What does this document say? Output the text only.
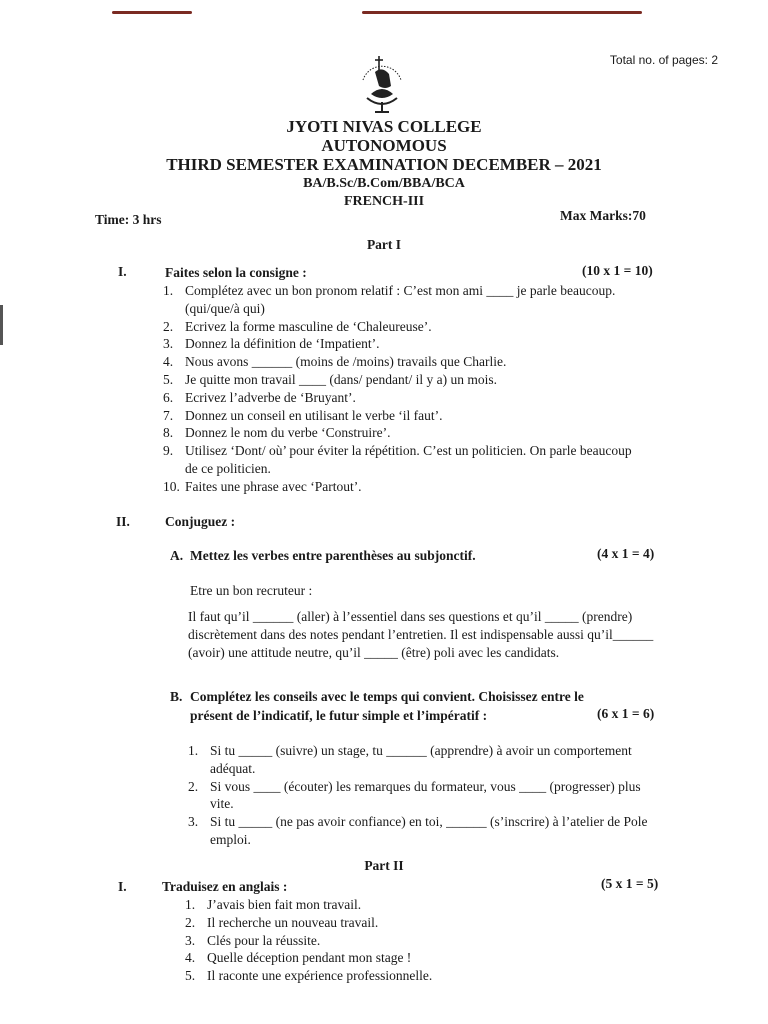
Total no. of pages: 2
JYOTI NIVAS COLLEGE
AUTONOMOUS
THIRD SEMESTER EXAMINATION DECEMBER – 2021
BA/B.Sc/B.Com/BBA/BCA
FRENCH-III
Time: 3 hrs	Max Marks:70
Part I
I.	Faites selon la consigne :	(10 x 1 = 10)
1. Complétez avec un bon pronom relatif : C’est mon ami ____ je parle beaucoup. (qui/que/à qui)
2. Ecrivez la forme masculine de ‘Chaleureuse’.
3. Donnez la définition de ‘Impatient’.
4. Nous avons ______ (moins de /moins) travails que Charlie.
5. Je quitte mon travail ____ (dans/ pendant/ il y a) un mois.
6. Ecrivez l’adverbe de ‘Bruyant’.
7. Donnez un conseil en utilisant le verbe ‘il faut’.
8. Donnez le nom du verbe ‘Construire’.
9. Utilisez ‘Dont/ où’ pour éviter la répétition. C’est un politicien. On parle beaucoup de ce politicien.
10. Faites une phrase avec ‘Partout’.
II.	Conjuguez :
A. Mettez les verbes entre parenthèses au subjonctif.	(4 x 1 = 4)
Etre un bon recruteur :
Il faut qu’il ______ (aller) à l’essentiel dans ses questions et qu’il _____ (prendre) discrètement dans des notes pendant l’entretien. Il est indispensable aussi qu’il______ (avoir) une attitude neutre, qu’il _____ (être) poli avec les candidats.
B. Complétez les conseils avec le temps qui convient. Choisissez entre le
présent de l’indicatif, le futur simple et l’impératif :	(6 x 1 = 6)
1. Si tu _____ (suivre) un stage, tu ______ (apprendre) à avoir un comportement adéquat.
2. Si vous ____ (écouter) les remarques du formateur, vous ____ (progresser) plus vite.
3. Si tu _____ (ne pas avoir confiance) en toi, ______ (s’inscrire) à l’atelier de Pole emploi.
Part II
I.	Traduisez en anglais :	(5 x 1 = 5)
1. J’avais bien fait mon travail.
2. Il recherche un nouveau travail.
3. Clés pour la réussite.
4. Quelle déception pendant mon stage !
5. Il raconte une expérience professionnelle.
